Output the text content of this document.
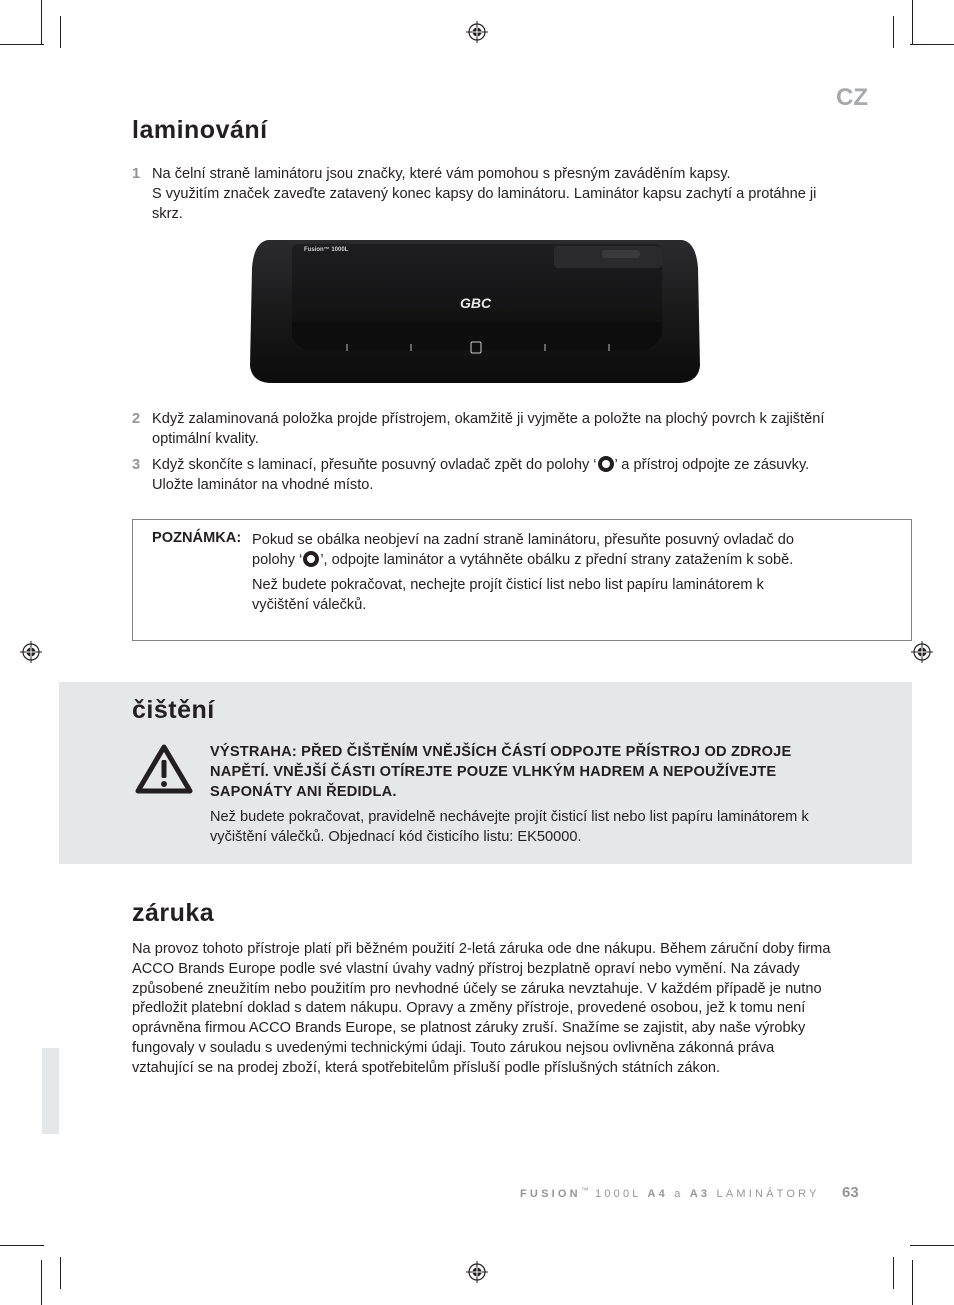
CZ
laminování
1 Na čelní straně laminátoru jsou značky, které vám pomohou s přesným zaváděním kapsy.
S využitím značek zaveďte zatavený konec kapsy do laminátoru. Laminátor kapsu zachytí a protáhne ji skrz.
Fusion™ 1000L
GBC
2 Když zalaminovaná položka projde přístrojem, okamžitě ji vyjměte a položte na plochý povrch k zajištění optimální kvality.
3 Když skončíte s laminací, přesuňte posuvný ovladač zpět do polohy ‘ ’ a přístroj odpojte ze zásuvky. Uložte laminátor na vhodné místo.
POZNÁMKA: Pokud se obálka neobjeví na zadní straně laminátoru, přesuňte posuvný ovladač do polohy ‘ ’, odpojte laminátor a vytáhněte obálku z přední strany zatažením k sobě.

Než budete pokračovat, nechejte projít čisticí list nebo list papíru laminátorem k vyčištění válečků.

čištění
VÝSTRAHA: PŘED ČIŠTĚNÍM VNĚJŠÍCH ČÁSTÍ ODPOJTE PŘÍSTROJ OD ZDROJE NAPĚTÍ. VNĚJŠÍ ČÁSTI OTÍREJTE POUZE VLHKÝM HADREM A NEPOUŽÍVEJTE SAPONÁTY ANI ŘEDIDLA.
Než budete pokračovat, pravidelně nechávejte projít čisticí list nebo list papíru laminátorem k vyčištění válečků. Objednací kód čisticího listu: EK50000.
záruka
Na provoz tohoto přístroje platí při běžném použití 2-letá záruka ode dne nákupu. Během záruční doby firma ACCO Brands Europe podle své vlastní úvahy vadný přístroj bezplatně opraví nebo vymění. Na závady způsobené zneužitím nebo použitím pro nevhodné účely se záruka nevztahuje. V každém případě je nutno předložit platební doklad s datem nákupu. Opravy a změny přístroje, provedené osobou, jež k tomu není oprávněna firmou ACCO Brands Europe, se platnost záruky zruší. Snažíme se zajistit, aby naše výrobky fungovaly v souladu s uvedenými technickými údaji. Touto zárukou nejsou ovlivněna zákonná práva vztahující se na prodej zboží, která spotřebitelům přísluší podle příslušných státních zákon.
FUSION™ 1000L A4 a A3 LAMINÁTORY 63
